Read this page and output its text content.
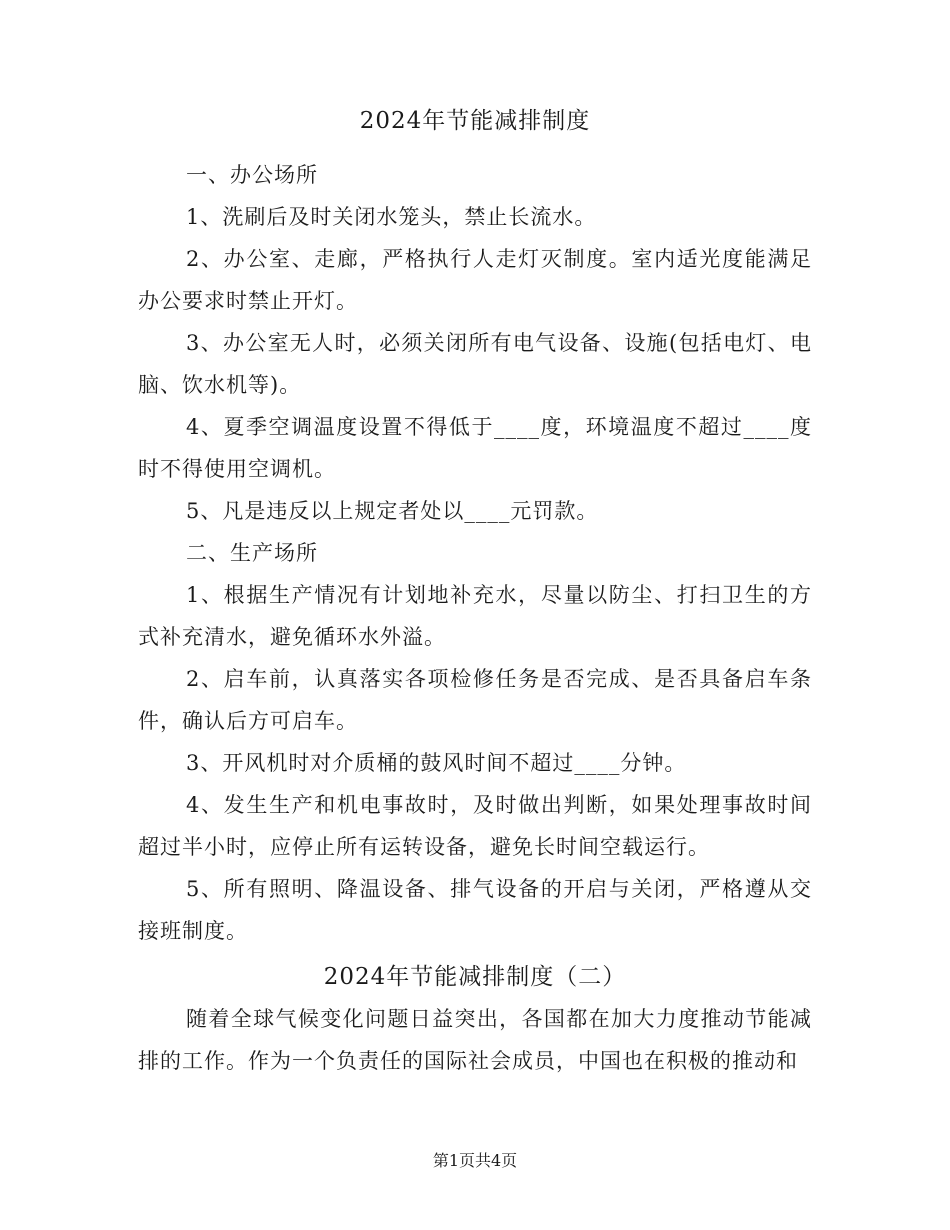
2024年节能减排制度

一、办公场所

1、洗刷后及时关闭水笼头，禁止长流水。

2、办公室、走廊，严格执行人走灯灭制度。室内适光度能满足办公要求时禁止开灯。

3、办公室无人时，必须关闭所有电气设备、设施(包括电灯、电脑、饮水机等)。

4、夏季空调温度设置不得低于____度，环境温度不超过____度时不得使用空调机。

5、凡是违反以上规定者处以____元罚款。

二、生产场所

1、根据生产情况有计划地补充水，尽量以防尘、打扫卫生的方式补充清水，避免循环水外溢。

2、启车前，认真落实各项检修任务是否完成、是否具备启车条件，确认后方可启车。

3、开风机时对介质桶的鼓风时间不超过____分钟。

4、发生生产和机电事故时，及时做出判断，如果处理事故时间超过半小时，应停止所有运转设备，避免长时间空载运行。

5、所有照明、降温设备、排气设备的开启与关闭，严格遵从交接班制度。

2024年节能减排制度（二）

随着全球气候变化问题日益突出，各国都在加大力度推动节能减排的工作。作为一个负责任的国际社会成员，中国也在积极的推动和

第1页共4页
